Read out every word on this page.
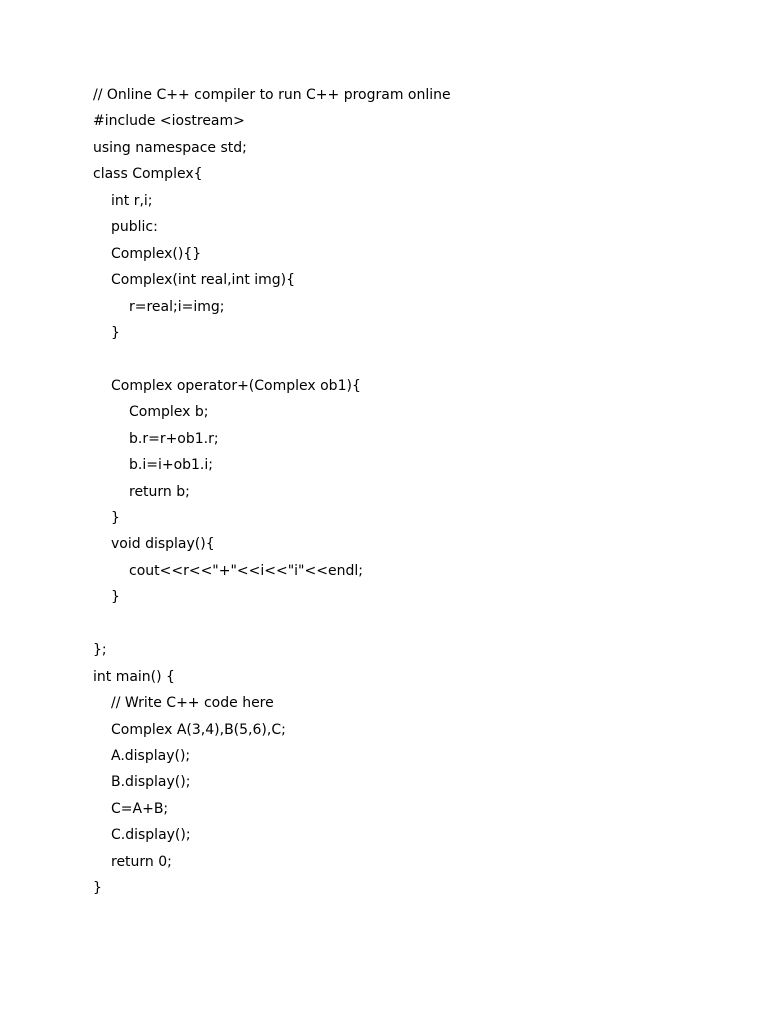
// Online C++ compiler to run C++ program online
#include <iostream>
using namespace std;
class Complex{
int r,i;
public:
Complex(){}
Complex(int real,int img){
r=real;i=img;
}
Complex operator+(Complex ob1){
Complex b;
b.r=r+ob1.r;
b.i=i+ob1.i;
return b;
}
void display(){
cout<<r<<"+"<<i<<"i"<<endl;
}
};
int main() {
// Write C++ code here
Complex A(3,4),B(5,6),C;
A.display();
B.display();
C=A+B;
C.display();
return 0;
}
